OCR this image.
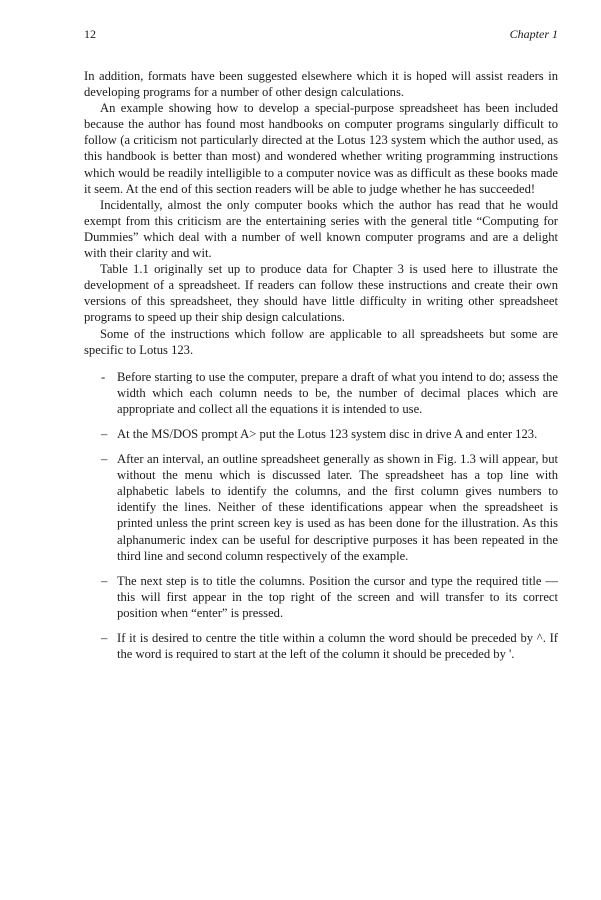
12	Chapter 1

In addition, formats have been suggested elsewhere which it is hoped will assist readers in developing programs for a number of other design calculations.

An example showing how to develop a special-purpose spreadsheet has been included because the author has found most handbooks on computer programs singularly difficult to follow (a criticism not particularly directed at the Lotus 123 system which the author used, as this handbook is better than most) and wondered whether writing programming instructions which would be readily intelligible to a computer novice was as difficult as these books made it seem. At the end of this section readers will be able to judge whether he has succeeded!

Incidentally, almost the only computer books which the author has read that he would exempt from this criticism are the entertaining series with the general title “Computing for Dummies” which deal with a number of well known computer programs and are a delight with their clarity and wit.

Table 1.1 originally set up to produce data for Chapter 3 is used here to illustrate the development of a spreadsheet. If readers can follow these instructions and create their own versions of this spreadsheet, they should have little difficulty in writing other spreadsheet programs to speed up their ship design calculations.

Some of the instructions which follow are applicable to all spreadsheets but some are specific to Lotus 123.

- Before starting to use the computer, prepare a draft of what you intend to do; assess the width which each column needs to be, the number of decimal places which are appropriate and collect all the equations it is intended to use.
– At the MS/DOS prompt A> put the Lotus 123 system disc in drive A and enter 123.
– After an interval, an outline spreadsheet generally as shown in Fig. 1.3 will appear, but without the menu which is discussed later. The spreadsheet has a top line with alphabetic labels to identify the columns, and the first column gives numbers to identify the lines. Neither of these identifications appear when the spreadsheet is printed unless the print screen key is used as has been done for the illustration. As this alphanumeric index can be useful for descriptive purposes it has been repeated in the third line and second column respectively of the example.
– The next step is to title the columns. Position the cursor and type the required title — this will first appear in the top right of the screen and will transfer to its correct position when “enter” is pressed.
– If it is desired to centre the title within a column the word should be preceded by ^. If the word is required to start at the left of the column it should be preceded by '.
